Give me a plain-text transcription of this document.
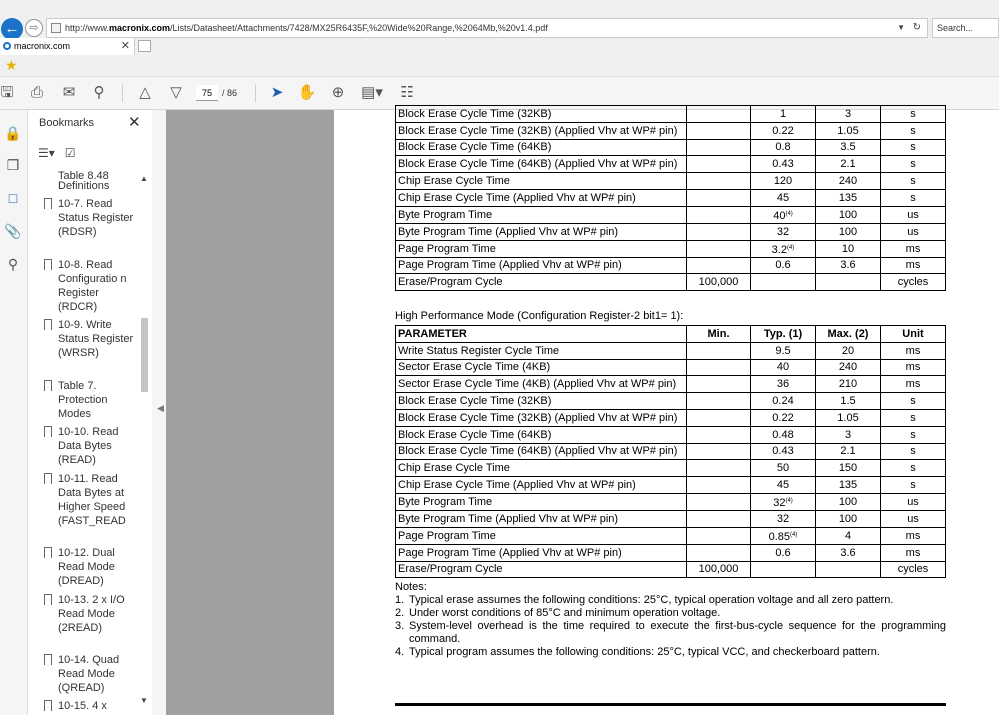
← ⇨	http://www.macronix.com/Lists/Datasheet/Attachments/7428/MX25R6435F,%20Wide%20Range,%2064Mb,%20v1.4.pdf	▼ ↻	Search...
macronix.com	✕
★
🖫 ⎙ ✉	⚲	△ ▽
75	/ 86 ➤ ✋ ⊕ ▤▾ ☷
🔒
❐
□
📎
⚲
Bookmarks ✕
☰▾   ☑
Table 8.48
Definitions
10-7. Read Status Register (RDSR)
10-8. Read Configuratio n Register (RDCR)
10-9. Write Status Register (WRSR)
Table 7. Protection Modes
10-10. Read Data Bytes (READ)
10-11. Read Data Bytes at Higher Speed (FAST_READ
10-12. Dual Read Mode (DREAD)
10-13. 2 x I/O Read Mode (2READ)
10-14. Quad Read Mode (QREAD)
10-15. 4 x
▲
▼
◀
Block Erase Cycle Time (32KB)		1	3	s
Block Erase Cycle Time (32KB) (Applied Vhv at WP# pin)		0.22	1.05	s
Block Erase Cycle Time (64KB)		0.8	3.5	s
Block Erase Cycle Time (64KB) (Applied Vhv at WP# pin)		0.43	2.1	s
Chip Erase Cycle Time		120	240	s
Chip Erase Cycle Time (Applied Vhv at WP# pin)		45	135	s
Byte Program Time		40$^{(4)}$	100	us
Byte Program Time (Applied Vhv at WP# pin)		32	100	us
Page Program Time		3.2$^{(4)}$	10	ms
Page Program Time (Applied Vhv at WP# pin)		0.6	3.6	ms
Erase/Program Cycle	100,000			cycles
High Performance Mode (Configuration Register-2 bit1= 1):
PARAMETER	Min.	Typ. (1)	Max. (2)	Unit
Write Status Register Cycle Time		9.5	20	ms
Sector Erase Cycle Time (4KB)		40	240	ms
Sector Erase Cycle Time (4KB) (Applied Vhv at WP# pin)		36	210	ms
Block Erase Cycle Time (32KB)		0.24	1.5	s
Block Erase Cycle Time (32KB) (Applied Vhv at WP# pin)		0.22	1.05	s
Block Erase Cycle Time (64KB)		0.48	3	s
Block Erase Cycle Time (64KB) (Applied Vhv at WP# pin)		0.43	2.1	s
Chip Erase Cycle Time		50	150	s
Chip Erase Cycle Time (Applied Vhv at WP# pin)		45	135	s
Byte Program Time		32$^{(4)}$	100	us
Byte Program Time (Applied Vhv at WP# pin)		32	100	us
Page Program Time		0.85$^{(4)}$	4	ms
Page Program Time (Applied Vhv at WP# pin)		0.6	3.6	ms
Erase/Program Cycle	100,000			cycles
Notes:
1. Typical erase assumes the following conditions: 25°C, typical operation voltage and all zero pattern.
2. Under worst conditions of 85°C and minimum operation voltage.
3. System-level overhead is the time required to execute the first-bus-cycle sequence for the programming command.
4. Typical program assumes the following conditions: 25°C, typical VCC, and checkerboard pattern.
